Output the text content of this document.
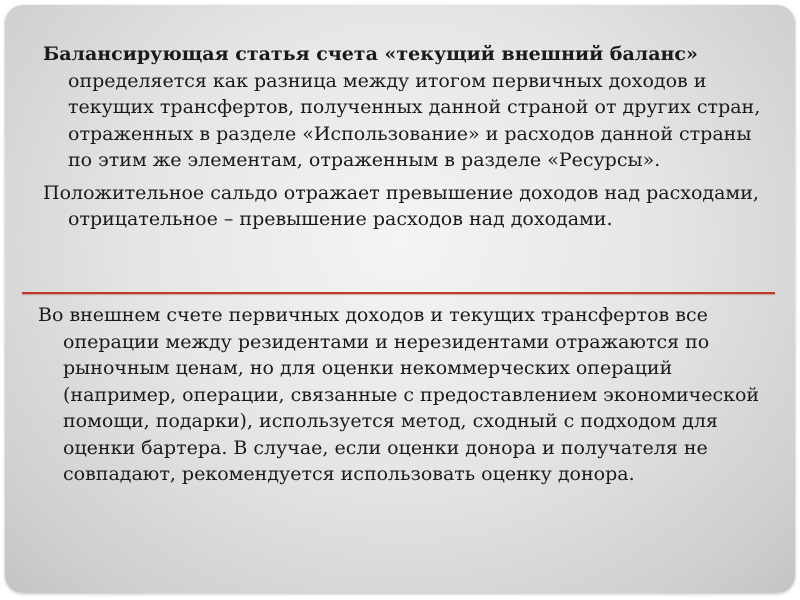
Балансирующая статья счета «текущий внешний баланс» определяется как разница между итогом первичных доходов и текущих трансфертов, полученных данной страной от других стран, отраженных в разделе «Использование» и расходов данной страны по этим же элементам, отраженным в разделе «Ресурсы».

Положительное сальдо отражает превышение доходов над расходами, отрицательное – превышение расходов над доходами.

Во внешнем счете первичных доходов и текущих трансфертов все операции между резидентами и нерезидентами отражаются по рыночным ценам, но для оценки некоммерческих операций (например, операции, связанные с предоставлением экономической помощи, подарки), используется метод, сходный с подходом для оценки бартера. В случае, если оценки донора и получателя не совпадают, рекомендуется использовать оценку донора.
